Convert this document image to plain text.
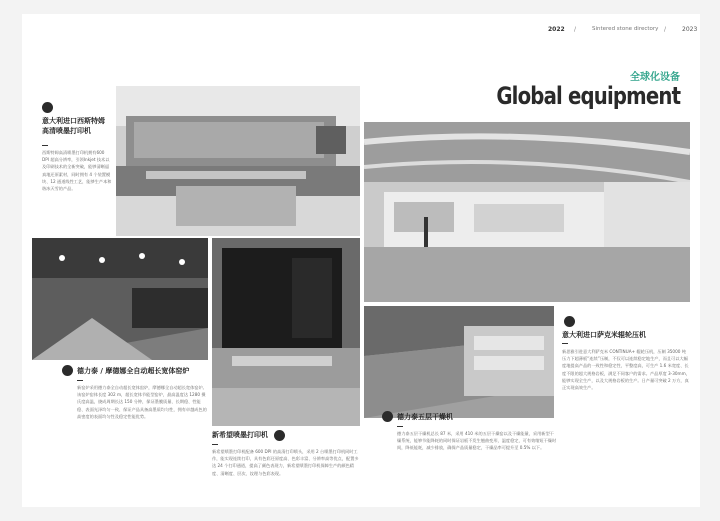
2022 /	Sintered stone directory /	2023
全球化设备
Global equipment
意大利进口西斯特姆高清喷墨打印机
西斯特姆高清喷墨打印机拥有600 DPI 超高分辨率，引领Inkjet 技术以及印刷技术的全新突破，能够清晰逼真地还原素材，同时拥有 4 个装置模块、12 通道线性工艺，能够生产本和谐冰天雪的产品。
德力泰 / 摩德娜全自动超长宽体窑炉
新窑炉采用德力泰全自动超长宽体窑炉，摩德娜全自动超长宽体窑炉。该窑炉窑体长度 302 m，超长宽体节能型窑炉，最高温度达 1280 摄氏度高温，烧成周期长达 150 分钟，保证墨膜质量、长期稳、性能稳、表面光泽均匀一致、保证产品具备高墨质均匀性，拥有卓越成色的高密度的表面均匀性及稳定性能优势。
新希望喷墨打印机
新希望喷墨打印机配备 600 DPI 的高清打印喷头，采用 2 台喷墨打印机同时工作，能实现连续打印，具有色彩还原度高、色彩丰富、分辨率高等优点，配置多达 24 个打印通道，提高了颜色表现力，新希望喷墨打印机保障生产的颜色精度、清晰度、层次、纹理与色彩表现。
意大利进口萨克米辊轮压机
新思雅引进意大利萨克米 CONTINUA+ 辊轮压机，压制 35000 吨压力下超薄板“连续”压制，不仅可以连续稳定地生产，而且可以大幅度地提高产品的一致性和稳定性，平整度高，可生产 1.6 米宽度、长度不限的超大规格岩板，满足不同客户的需求。产品厚度 3-30mm，能够实现全生产，以及大规格岩板的生产。日产量可突破 2 万方，真正实现高效生产。
德力泰五层干燥机
德力泰五层干燥机总长 87 米，采用 410 米的五层干燥窑以及干燥能量，采用新型干燥系统，能够节能降耗的同时保证岩板不发生翘曲变形，温度稳定，可有效缩短干燥时间，降低能耗，减少排放，确保产品质量稳定，干燥品率可提升至 0.5% 以下。
